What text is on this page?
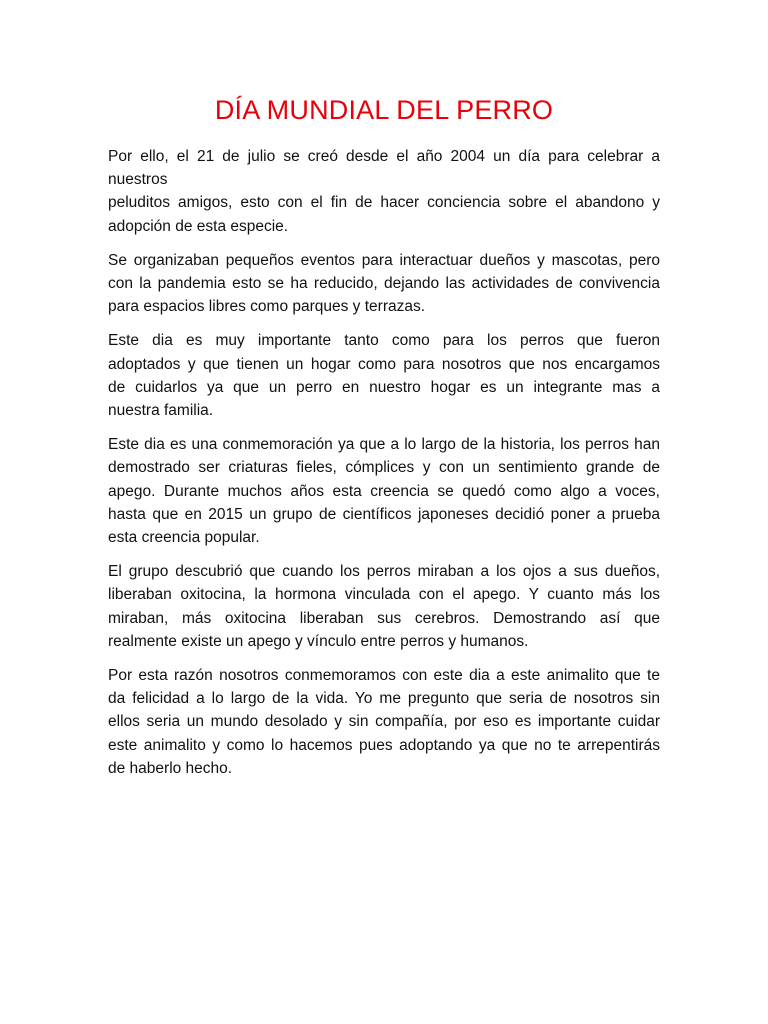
DÍA MUNDIAL DEL PERRO

Por ello, el 21 de julio se creó desde el año 2004 un día para celebrar a
nuestros
peluditos amigos, esto con el fin de hacer conciencia sobre el abandono y
adopción de esta especie.

Se organizaban pequeños eventos para interactuar dueños y mascotas, pero
con la pandemia esto se ha reducido, dejando las actividades de convivencia
para espacios libres como parques y terrazas.

Este dia es muy importante tanto como para los perros que fueron
adoptados y que tienen un hogar como para nosotros que nos encargamos
de cuidarlos ya que un perro en nuestro hogar es un integrante mas a
nuestra familia.

Este dia es una conmemoración ya que a lo largo de la historia, los perros han
demostrado ser criaturas fieles, cómplices y con un sentimiento grande de
apego. Durante muchos años esta creencia se quedó como algo a voces,
hasta que en 2015 un grupo de científicos japoneses decidió poner a prueba
esta creencia popular.

El grupo descubrió que cuando los perros miraban a los ojos a sus dueños,
liberaban oxitocina, la hormona vinculada con el apego. Y cuanto más los
miraban, más oxitocina liberaban sus cerebros. Demostrando así que
realmente existe un apego y vínculo entre perros y humanos.

Por esta razón nosotros conmemoramos con este dia a este animalito que te
da felicidad a lo largo de la vida. Yo me pregunto que seria de nosotros sin
ellos seria un mundo desolado y sin compañía, por eso es importante cuidar
este animalito y como lo hacemos pues adoptando ya que no te arrepentirás
de haberlo hecho.
